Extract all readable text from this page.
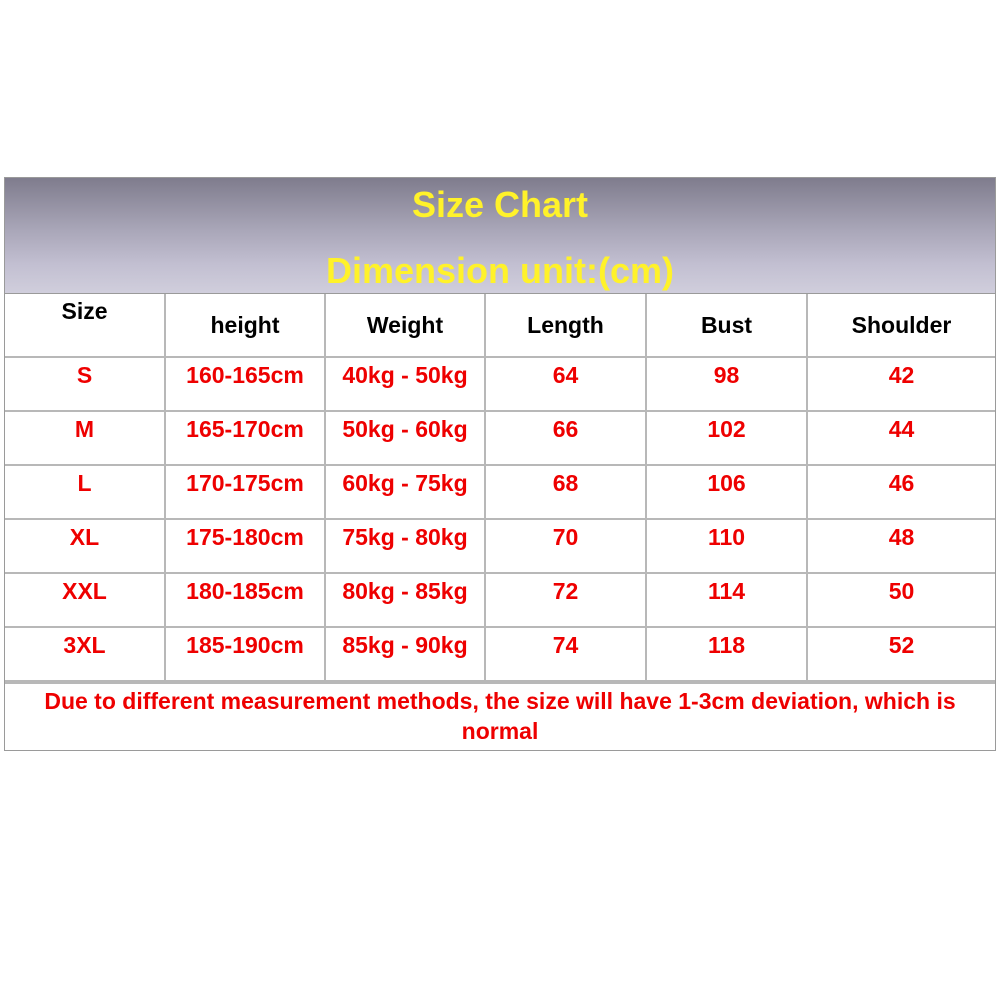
Size Chart
Dimension unit:(cm)
Size	height	Weight	Length	Bust	Shoulder
S	160-165cm	40kg - 50kg	64	98	42
M	165-170cm	50kg - 60kg	66	102	44
L	170-175cm	60kg - 75kg	68	106	46
XL	175-180cm	75kg - 80kg	70	110	48
XXL	180-185cm	80kg - 85kg	72	114	50
3XL	185-190cm	85kg - 90kg	74	118	52
Due to different measurement methods, the size will have 1-3cm deviation, which is normal
